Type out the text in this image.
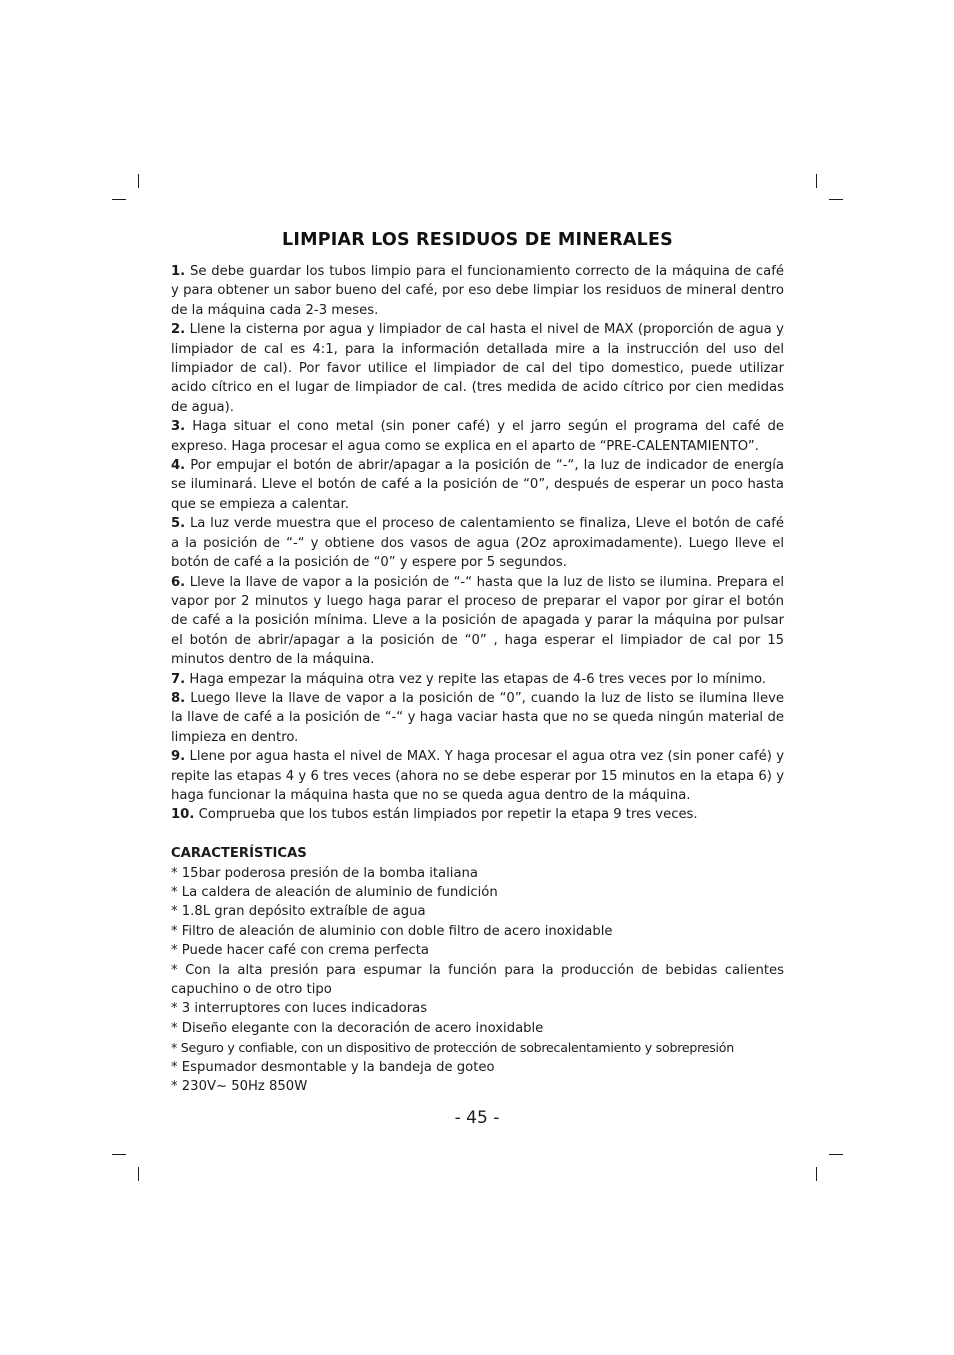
LIMPIAR LOS RESIDUOS DE MINERALES

1. Se debe guardar los tubos limpio para el funcionamiento correcto de la máquina de café y para obtener un sabor bueno del café, por eso debe limpiar los residuos de mineral dentro de la máquina cada 2-3 meses.

2. Llene la cisterna por agua y limpiador de cal hasta el nivel de MAX (proporción de agua y limpiador de cal es 4:1, para la información detallada mire a la instrucción del uso del limpiador de cal). Por favor utilice el limpiador de cal del tipo domestico, puede utilizar acido cítrico en el lugar de limpiador de cal. (tres medida de acido cítrico por cien medidas de agua).

3. Haga situar el cono metal (sin poner café) y el jarro según el programa del café de expreso. Haga procesar el agua como se explica en el aparto de “PRE-CALENTAMIENTO”.

4. Por empujar el botón de abrir/apagar a la posición de “-“, la luz de indicador de energía se iluminará. Lleve el botón de café a la posición de “0”, después de esperar un poco hasta que se empieza a calentar.

5. La luz verde muestra que el proceso de calentamiento se finaliza, Lleve el botón de café a la posición de “-“ y obtiene dos vasos de agua (2Oz aproximadamente). Luego lleve el botón de café a la posición de “0” y espere por 5 segundos.

6. Lleve la llave de vapor a la posición de “-“ hasta que la luz de listo se ilumina. Prepara el vapor por 2 minutos y luego haga parar el proceso de preparar el vapor por girar el botón de café a la posición mínima. Lleve a la posición de apagada y parar la máquina por pulsar el botón de abrir/apagar a la posición de “0” , haga esperar el limpiador de cal por 15 minutos dentro de la máquina.

7. Haga empezar la máquina otra vez y repite las etapas de 4-6 tres veces por lo mínimo.

8. Luego lleve la llave de vapor a la posición de “0”, cuando la luz de listo se ilumina lleve la llave de café a la posición de “-“ y haga vaciar hasta que no se queda ningún material de limpieza en dentro.

9. Llene por agua hasta el nivel de MAX. Y haga procesar el agua otra vez (sin poner café) y repite las etapas 4 y 6 tres veces (ahora no se debe esperar por 15 minutos en la etapa 6) y haga funcionar la máquina hasta que no se queda agua dentro de la máquina.

10. Comprueba que los tubos están limpiados por repetir la etapa 9 tres veces.

CARACTERÍSTICAS

* 15bar poderosa presión de la bomba italiana

* La caldera de aleación de aluminio de fundición

* 1.8L gran depósito extraíble de agua

* Filtro de aleación de aluminio con doble filtro de acero inoxidable

* Puede hacer café con crema perfecta

* Con la alta presión para espumar la función para la producción de bebidas calientes capuchino o de otro tipo

* 3 interruptores con luces indicadoras

* Diseño elegante con la decoración de acero inoxidable

* Seguro y confiable, con un dispositivo de protección de sobrecalentamiento y sobrepresión

* Espumador desmontable y la bandeja de goteo

* 230V~ 50Hz 850W

- 45 -
